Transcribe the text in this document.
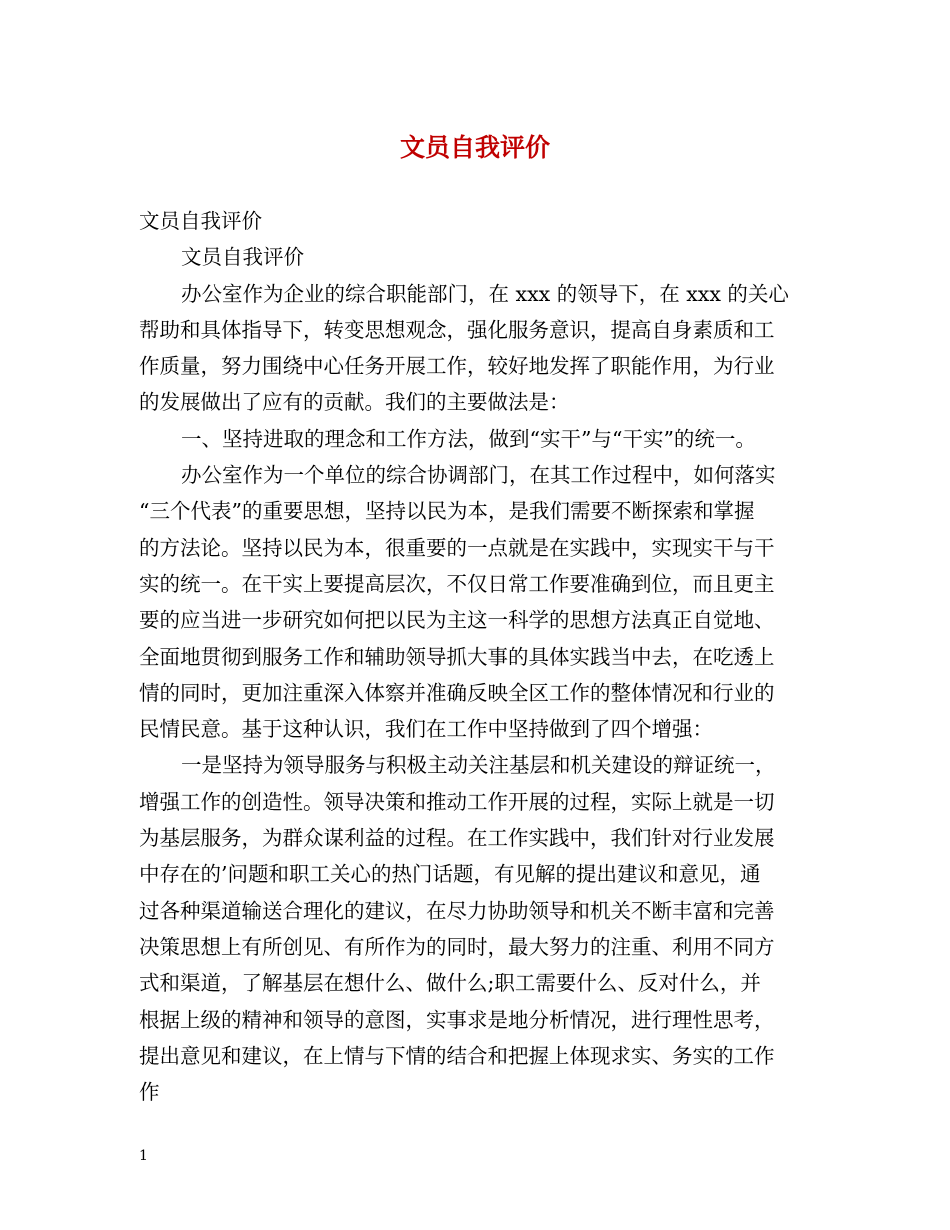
文员自我评价
文员自我评价
文员自我评价
办公室作为企业的综合职能部门，在 xxx 的领导下，在 xxx 的关心
帮助和具体指导下，转变思想观念，强化服务意识，提高自身素质和工
作质量，努力围绕中心任务开展工作，较好地发挥了职能作用，为行业
的发展做出了应有的贡献。我们的主要做法是：
一、坚持进取的理念和工作方法，做到“实干”与“干实”的统一。
办公室作为一个单位的综合协调部门，在其工作过程中，如何落实
“三个代表”的重要思想，坚持以民为本，是我们需要不断探索和掌握
的方法论。坚持以民为本，很重要的一点就是在实践中，实现实干与干
实的统一。在干实上要提高层次，不仅日常工作要准确到位，而且更主
要的应当进一步研究如何把以民为主这一科学的思想方法真正自觉地、
全面地贯彻到服务工作和辅助领导抓大事的具体实践当中去，在吃透上
情的同时，更加注重深入体察并准确反映全区工作的整体情况和行业的
民情民意。基于这种认识，我们在工作中坚持做到了四个增强：
一是坚持为领导服务与积极主动关注基层和机关建设的辩证统一，
增强工作的创造性。领导决策和推动工作开展的过程，实际上就是一切
为基层服务，为群众谋利益的过程。在工作实践中，我们针对行业发展
中存在的’问题和职工关心的热门话题，有见解的提出建议和意见，通
过各种渠道输送合理化的建议，在尽力协助领导和机关不断丰富和完善
决策思想上有所创见、有所作为的同时，最大努力的注重、利用不同方
式和渠道，了解基层在想什么、做什么;职工需要什么、反对什么，并
根据上级的精神和领导的意图，实事求是地分析情况，进行理性思考，
提出意见和建议，在上情与下情的结合和把握上体现求实、务实的工作
作
1
